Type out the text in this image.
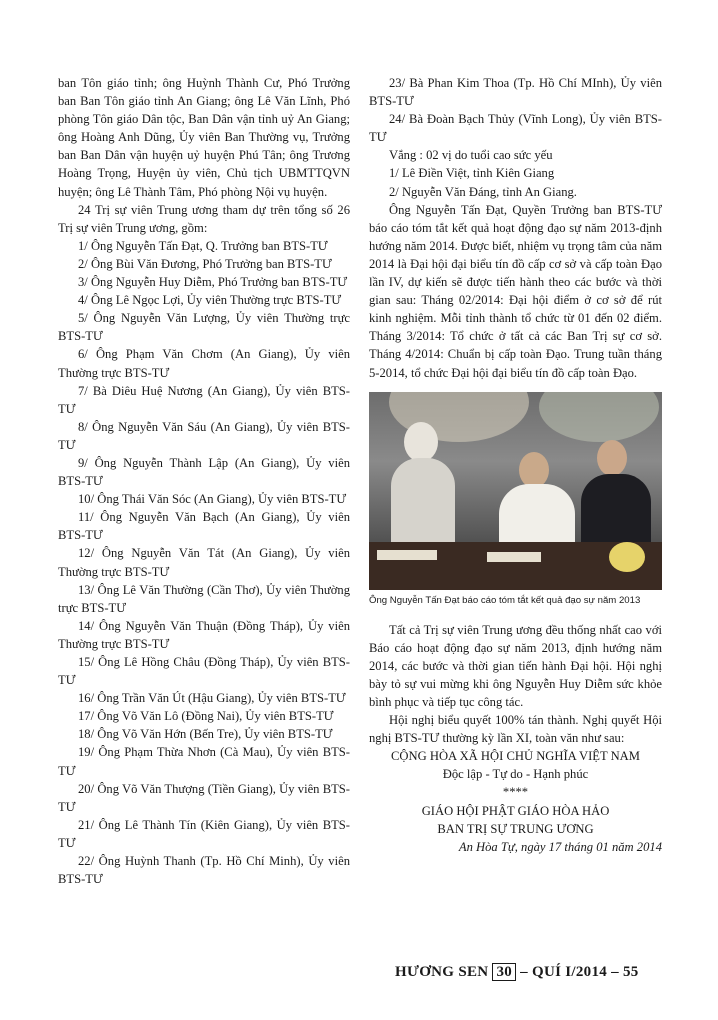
ban Tôn giáo tỉnh; ông Huỳnh Thành Cư, Phó Trưởng ban Ban Tôn giáo tỉnh An Giang; ông Lê Văn Lĩnh, Phó phòng Tôn giáo Dân tộc, Ban Dân vận tỉnh uỷ An Giang; ông Hoàng Anh Dũng, Ủy viên Ban Thường vụ, Trưởng ban Ban Dân vận huyện uỷ huyện Phú Tân; ông Trương Hoàng Trọng, Huyện ủy viên, Chủ tịch UBMTTQVN huyện; ông Lê Thành Tâm, Phó phòng Nội vụ huyện.

24 Trị sự viên Trung ương tham dự trên tổng số 26 Trị sự viên Trung ương, gồm:

1/ Ông Nguyễn Tấn Đạt, Q. Trưởng ban BTS-TƯ

2/ Ông Bùi Văn Đương, Phó Trưởng ban BTS-TƯ

3/ Ông Nguyễn Huy Diễm, Phó Trưởng ban BTS-TƯ

4/ Ông Lê Ngọc Lợi, Ủy viên Thường trực BTS-TƯ

5/ Ông Nguyễn Văn Lượng, Ủy viên Thường trực BTS-TƯ

6/ Ông Phạm Văn Chơm (An Giang), Ủy viên Thường trực BTS-TƯ

7/ Bà Diêu Huệ Nương (An Giang), Ủy viên BTS-TƯ

8/ Ông Nguyễn Văn Sáu (An Giang), Ủy viên BTS-TƯ

9/ Ông Nguyễn Thành Lập (An Giang), Ủy viên BTS-TƯ

10/ Ông Thái Văn Sóc (An Giang), Ủy viên BTS-TƯ

11/ Ông Nguyễn Văn Bạch (An Giang), Ủy viên BTS-TƯ

12/ Ông Nguyễn Văn Tát (An Giang), Ủy viên Thường trực BTS-TƯ

13/ Ông Lê Văn Thường (Cần Thơ), Ủy viên Thường trực BTS-TƯ

14/ Ông Nguyễn Văn Thuận (Đồng Tháp), Ủy viên Thường trực BTS-TƯ

15/ Ông Lê Hồng Châu (Đồng Tháp), Ủy viên BTS-TƯ

16/ Ông Trần Văn Út (Hậu Giang), Ủy viên BTS-TƯ

17/ Ông Võ Văn Lô (Đồng Nai), Ủy viên BTS-TƯ

18/ Ông Võ Văn Hớn (Bến Tre), Ủy viên BTS-TƯ

19/ Ông Phạm Thừa Nhơn (Cà Mau), Ủy viên BTS-TƯ

20/ Ông Võ Văn Thượng (Tiền Giang), Ủy viên BTS-TƯ

21/ Ông Lê Thành Tín (Kiên Giang), Ủy viên BTS-TƯ

22/ Ông Huỳnh Thanh (Tp. Hồ Chí Minh), Ủy viên BTS-TƯ

23/ Bà Phan Kim Thoa (Tp. Hồ Chí MInh), Ủy viên BTS-TƯ

24/ Bà Đoàn Bạch Thủy (Vĩnh Long), Ủy viên BTS-TƯ

Vắng : 02 vị do tuổi cao sức yếu

1/ Lê Điền Việt, tỉnh Kiên Giang

2/ Nguyễn Văn Đáng, tỉnh An Giang.

Ông Nguyễn Tấn Đạt, Quyền Trưởng ban BTS-TƯ báo cáo tóm tắt kết quả hoạt động đạo sự năm 2013-định hướng năm 2014. Được biết, nhiệm vụ trọng tâm của năm 2014 là Đại hội đại biểu tín đồ cấp cơ sở và cấp toàn Đạo lần IV, dự kiến sẽ được tiến hành theo các bước và thời gian sau: Tháng 02/2014: Đại hội điểm ở cơ sở để rút kinh nghiệm. Mỗi tỉnh thành tổ chức từ 01 đến 02 điểm. Tháng 3/2014: Tổ chức ở tất cả các Ban Trị sự cơ sở. Tháng 4/2014: Chuẩn bị cấp toàn Đạo. Trung tuần tháng 5-2014, tổ chức Đại hội đại biểu tín đồ cấp toàn Đạo.

Ông Nguyễn Tấn Đạt báo cáo tóm tắt kết quả đạo sự năm 2013

Tất cả Trị sự viên Trung ương đều thống nhất cao với Báo cáo hoạt động đạo sự năm 2013, định hướng năm 2014, các bước và thời gian tiến hành Đại hội. Hội nghị bày tỏ sự vui mừng khi ông Nguyễn Huy Diễm sức khỏe bình phục và tiếp tục công tác.

Hội nghị biểu quyết 100% tán thành. Nghị quyết Hội nghị BTS-TƯ thường kỳ lần XI, toàn văn như sau:

CỘNG HÒA XÃ HỘI CHỦ NGHĨA VIỆT NAM

Độc lập - Tự do - Hạnh phúc

****

GIÁO HỘI PHẬT GIÁO HÒA HẢO

BAN TRỊ SỰ TRUNG ƯƠNG

An Hòa Tự, ngày 17 tháng 01 năm 2014

HƯƠNG SEN 30 – QUÍ I/2014 – 55
